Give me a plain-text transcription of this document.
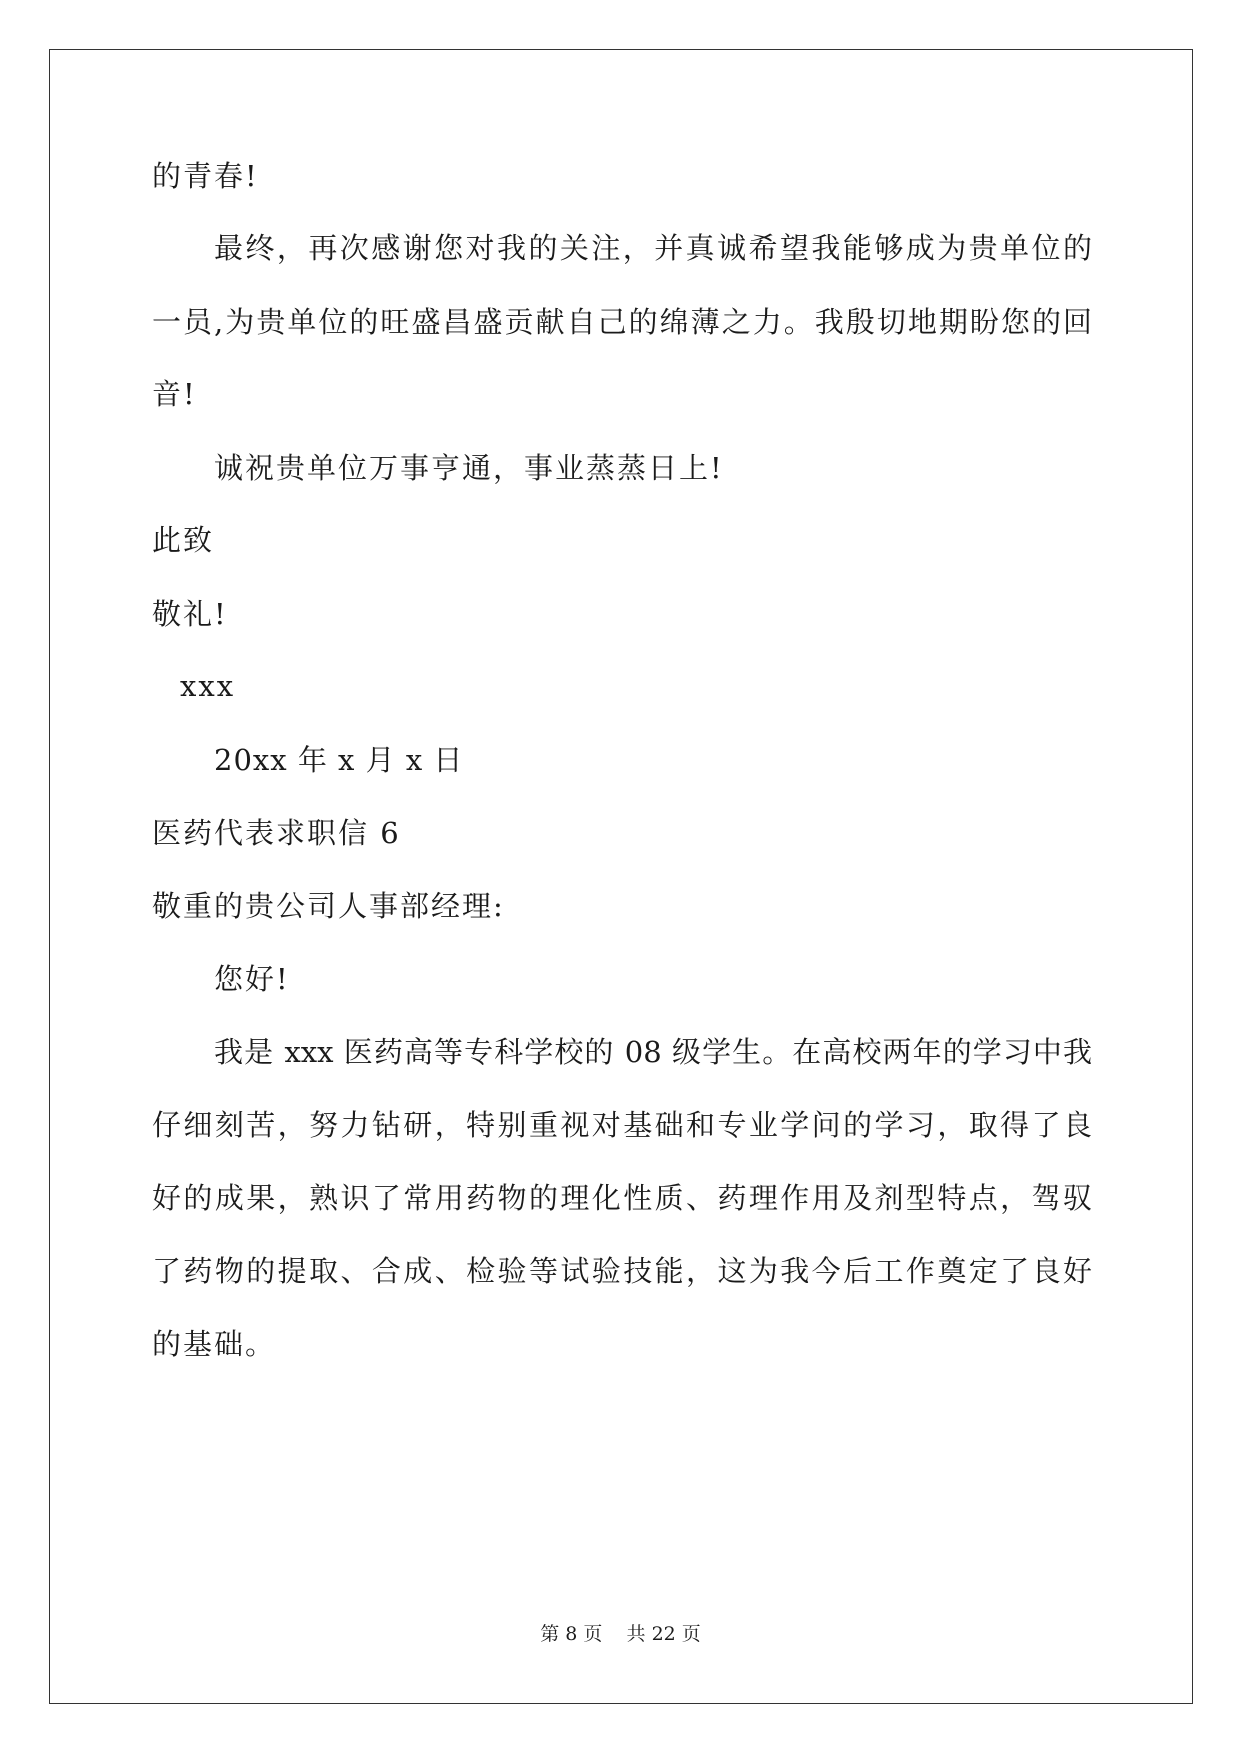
的青春!
最终，再次感谢您对我的关注，并真诚希望我能够成为贵单位的
一员,为贵单位的旺盛昌盛贡献自己的绵薄之力。我殷切地期盼您的回
音!
诚祝贵单位万事亨通，事业蒸蒸日上!
此致
敬礼!
xxx
20xx 年 x 月 x 日
医药代表求职信 6
敬重的贵公司人事部经理:
您好!
我是 xxx 医药高等专科学校的 08 级学生。在高校两年的学习中我
仔细刻苦，努力钻研，特别重视对基础和专业学问的学习，取得了良
好的成果，熟识了常用药物的理化性质、药理作用及剂型特点，驾驭
了药物的提取、合成、检验等试验技能，这为我今后工作奠定了良好
的基础。
第 8 页    共 22 页
